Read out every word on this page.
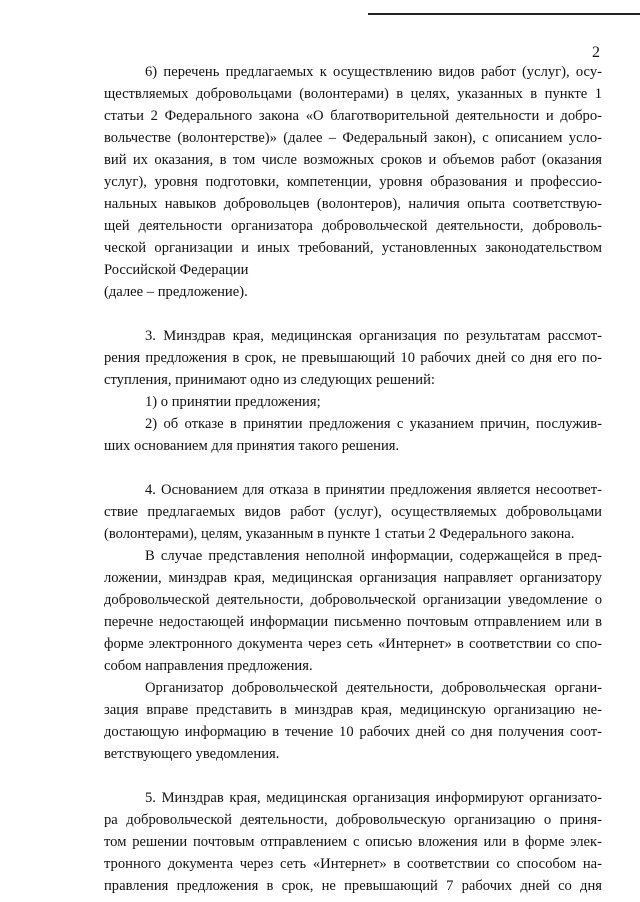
2
6) перечень предлагаемых к осуществлению видов работ (услуг), осу-
ществляемых добровольцами (волонтерами) в целях, указанных в пункте 1
статьи 2 Федерального закона «О благотворительной деятельности и добро-
вольчестве (волонтерстве)» (далее – Федеральный закон), с описанием усло-
вий их оказания, в том числе возможных сроков и объемов работ (оказания
услуг), уровня подготовки, компетенции, уровня образования и профессио-
нальных навыков добровольцев (волонтеров), наличия опыта соответствую-
щей деятельности организатора добровольческой деятельности, доброволь-
ческой организации и иных требований, установленных законодательством
Российской Федерации
(далее – предложение).
3. Минздрав края, медицинская организация по результатам рассмот-
рения предложения в срок, не превышающий 10 рабочих дней со дня его по-
ступления, принимают одно из следующих решений:
1) о принятии предложения;
2) об отказе в принятии предложения с указанием причин, послужив-
ших основанием для принятия такого решения.
4. Основанием для отказа в принятии предложения является несоответ-
ствие предлагаемых видов работ (услуг), осуществляемых добровольцами
(волонтерами), целям, указанным в пункте 1 статьи 2 Федерального закона.
В случае представления неполной информации, содержащейся в пред-
ложении, минздрав края, медицинская организация направляет организатору
добровольческой деятельности, добровольческой организации уведомление о
перечне недостающей информации письменно почтовым отправлением или в
форме электронного документа через сеть «Интернет» в соответствии со спо-
собом направления предложения.
Организатор добровольческой деятельности, добровольческая органи-
зация вправе представить в минздрав края, медицинскую организацию не-
достающую информацию в течение 10 рабочих дней со дня получения соот-
ветствующего уведомления.
5. Минздрав края, медицинская организация информируют организато-
ра добровольческой деятельности, добровольческую организацию о приня-
том решении почтовым отправлением с описью вложения или в форме элек-
тронного документа через сеть «Интернет» в соответствии со способом на-
правления предложения в срок, не превышающий 7 рабочих дней со дня
